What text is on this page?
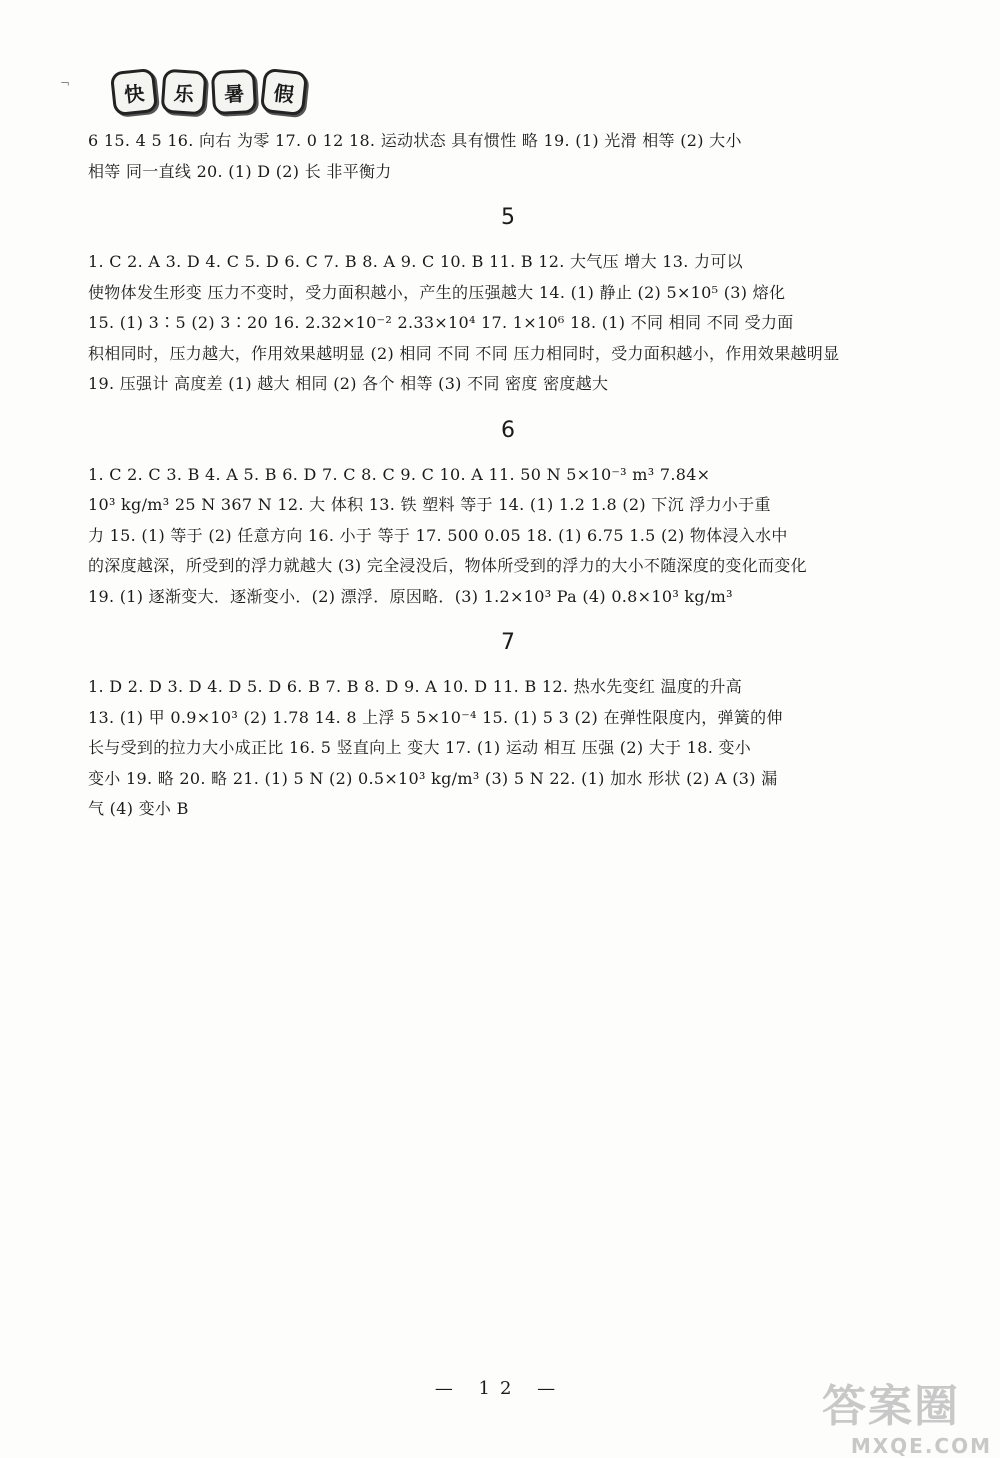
¬	快	乐	暑	假

6 15. 4 5 16. 向右 为零 17. 0 12 18. 运动状态 具有惯性 略 19. (1) 光滑 相等 (2) 大小

相等 同一直线 20. (1) D (2) 长 非平衡力

5

1. C 2. A 3. D 4. C 5. D 6. C 7. B 8. A 9. C 10. B 11. B 12. 大气压 增大 13. 力可以

使物体发生形变 压力不变时，受力面积越小，产生的压强越大 14. (1) 静止 (2) 5×10⁵ (3) 熔化

15. (1) 3∶5 (2) 3∶20 16. 2.32×10⁻² 2.33×10⁴ 17. 1×10⁶ 18. (1) 不同 相同 不同 受力面

积相同时，压力越大，作用效果越明显 (2) 相同 不同 不同 压力相同时，受力面积越小，作用效果越明显

19. 压强计 高度差 (1) 越大 相同 (2) 各个 相等 (3) 不同 密度 密度越大

6

1. C 2. C 3. B 4. A 5. B 6. D 7. C 8. C 9. C 10. A 11. 50 N 5×10⁻³ m³ 7.84×

10³ kg/m³ 25 N 367 N 12. 大 体积 13. 铁 塑料 等于 14. (1) 1.2 1.8 (2) 下沉 浮力小于重

力 15. (1) 等于 (2) 任意方向 16. 小于 等于 17. 500 0.05 18. (1) 6.75 1.5 (2) 物体浸入水中

的深度越深，所受到的浮力就越大 (3) 完全浸没后，物体所受到的浮力的大小不随深度的变化而变化

19. (1) 逐渐变大．逐渐变小．(2) 漂浮．原因略．(3) 1.2×10³ Pa (4) 0.8×10³ kg/m³

7

1. D 2. D 3. D 4. D 5. D 6. B 7. B 8. D 9. A 10. D 11. B 12. 热水先变红 温度的升高

13. (1) 甲 0.9×10³ (2) 1.78 14. 8 上浮 5 5×10⁻⁴ 15. (1) 5 3 (2) 在弹性限度内，弹簧的伸

长与受到的拉力大小成正比 16. 5 竖直向上 变大 17. (1) 运动 相互 压强 (2) 大于 18. 变小

变小 19. 略 20. 略 21. (1) 5 N (2) 0.5×10³ kg/m³ (3) 5 N 22. (1) 加水 形状 (2) A (3) 漏

气 (4) 变小 B

— 12 —	答案圈
MXQE.COM
